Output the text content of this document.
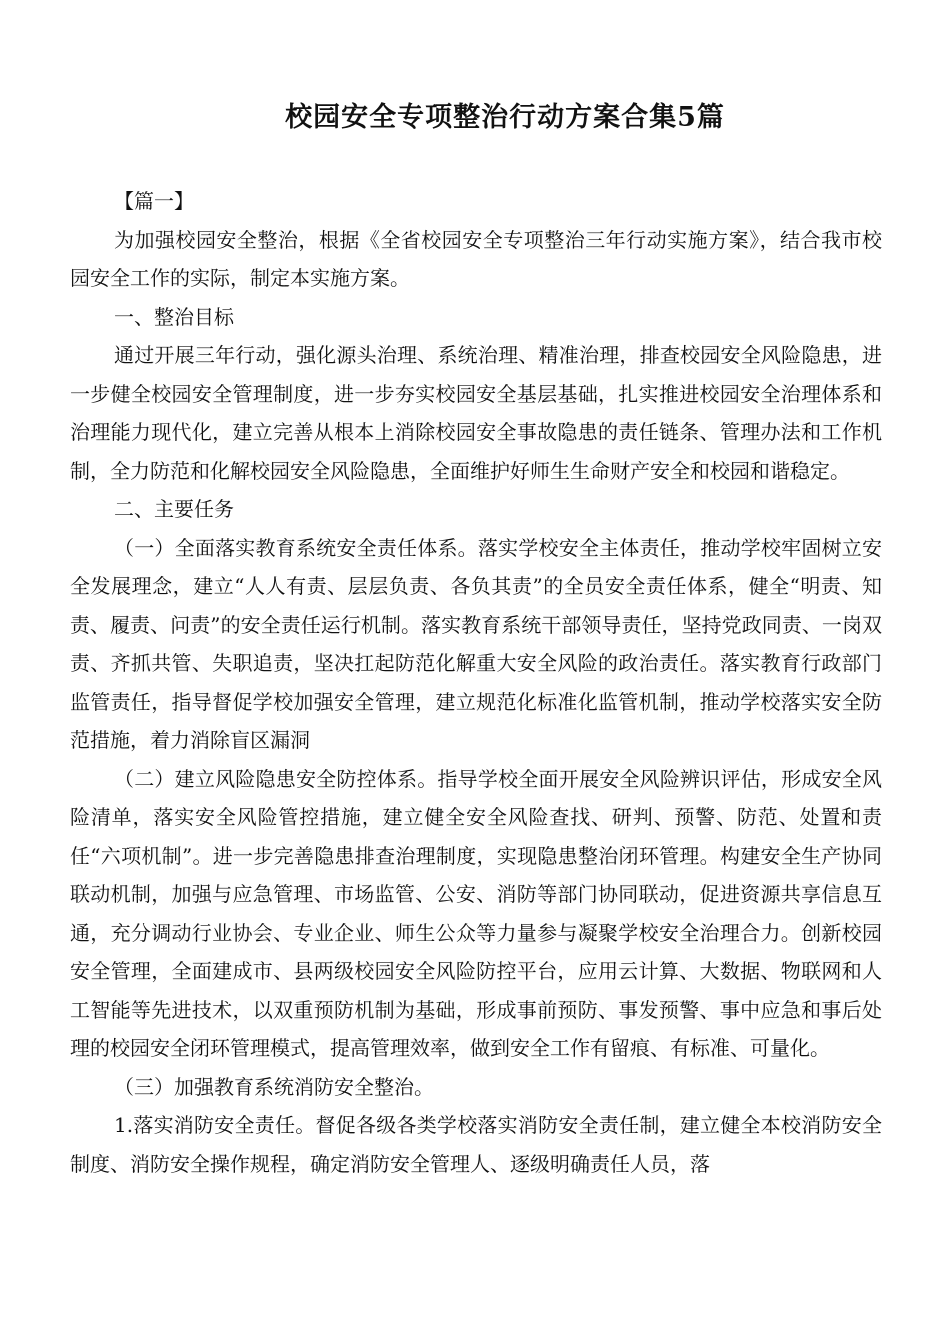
校园安全专项整治行动方案合集5篇

【篇一】

为加强校园安全整治，根据《全省校园安全专项整治三年行动实施方案》，结合我市校园安全工作的实际，制定本实施方案。

一、整治目标

通过开展三年行动，强化源头治理、系统治理、精准治理，排查校园安全风险隐患，进一步健全校园安全管理制度，进一步夯实校园安全基层基础，扎实推进校园安全治理体系和治理能力现代化，建立完善从根本上消除校园安全事故隐患的责任链条、管理办法和工作机制，全力防范和化解校园安全风险隐患，全面维护好师生生命财产安全和校园和谐稳定。

二、主要任务

（一）全面落实教育系统安全责任体系。落实学校安全主体责任，推动学校牢固树立安全发展理念，建立“人人有责、层层负责、各负其责”的全员安全责任体系，健全“明责、知责、履责、问责”的安全责任运行机制。落实教育系统干部领导责任，坚持党政同责、一岗双责、齐抓共管、失职追责，坚决扛起防范化解重大安全风险的政治责任。落实教育行政部门监管责任，指导督促学校加强安全管理，建立规范化标准化监管机制，推动学校落实安全防范措施，着力消除盲区漏洞

（二）建立风险隐患安全防控体系。指导学校全面开展安全风险辨识评估，形成安全风险清单，落实安全风险管控措施，建立健全安全风险查找、研判、预警、防范、处置和责任“六项机制”。进一步完善隐患排查治理制度，实现隐患整治闭环管理。构建安全生产协同联动机制，加强与应急管理、市场监管、公安、消防等部门协同联动，促进资源共享信息互通，充分调动行业协会、专业企业、师生公众等力量参与凝聚学校安全治理合力。创新校园安全管理，全面建成市、县两级校园安全风险防控平台，应用云计算、大数据、物联网和人工智能等先进技术，以双重预防机制为基础，形成事前预防、事发预警、事中应急和事后处理的校园安全闭环管理模式，提高管理效率，做到安全工作有留痕、有标准、可量化。

（三）加强教育系统消防安全整治。

1.落实消防安全责任。督促各级各类学校落实消防安全责任制，建立健全本校消防安全制度、消防安全操作规程，确定消防安全管理人、逐级明确责任人员，落
